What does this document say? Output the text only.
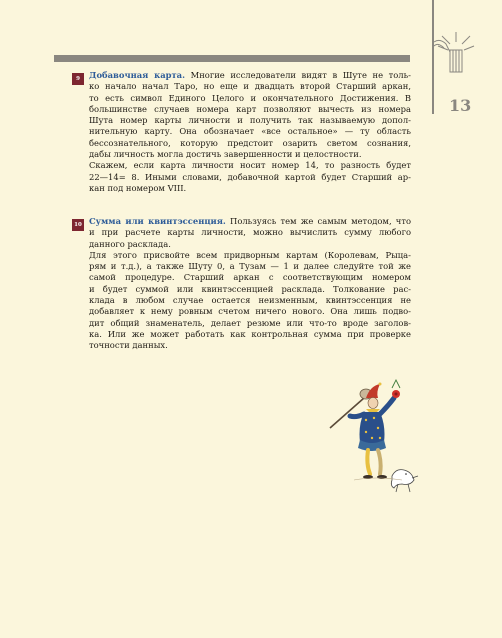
13
9	Добавочная карта. Многие исследователи видят в Шуте не толь-
ко начало начал Таро, но еще и двадцать второй Старший аркан,
то есть символ Единого Целого и окончательного Достижения. В
большинстве случаев номера карт позволяют вычесть из номера
Шута номер карты личности и получить так называемую допол-
нительную карту. Она обозначает «все остальное» — ту область
бессознательного, которую предстоит озарить светом сознания,
дабы личность могла достичь завершенности и целостности.
Скажем, если карта личности носит номер 14, то разность будет
22—14= 8. Иными словами, добавочной картой будет Старший ар-
кан под номером VIII.
10 Сумма или квинтэссенция. Пользуясь тем же самым методом, что
и при расчете карты личности, можно вычислить сумму любого
данного расклада.
Для этого присвойте всем придворным картам (Королевам, Рыца-
рям и т.д.), а также Шуту 0, а Тузам — 1 и далее следуйте той же
самой процедуре. Старший аркан с соответствующим номером
и будет суммой или квинтэссенцией расклада. Толкование рас-
клада в любом случае остается неизменным, квинтэссенция не
добавляет к нему ровным счетом ничего нового. Она лишь подво-
дит общий знаменатель, делает резюме или что-то вроде заголов-
ка. Или же может работать как контрольная сумма при проверке
точности данных.
